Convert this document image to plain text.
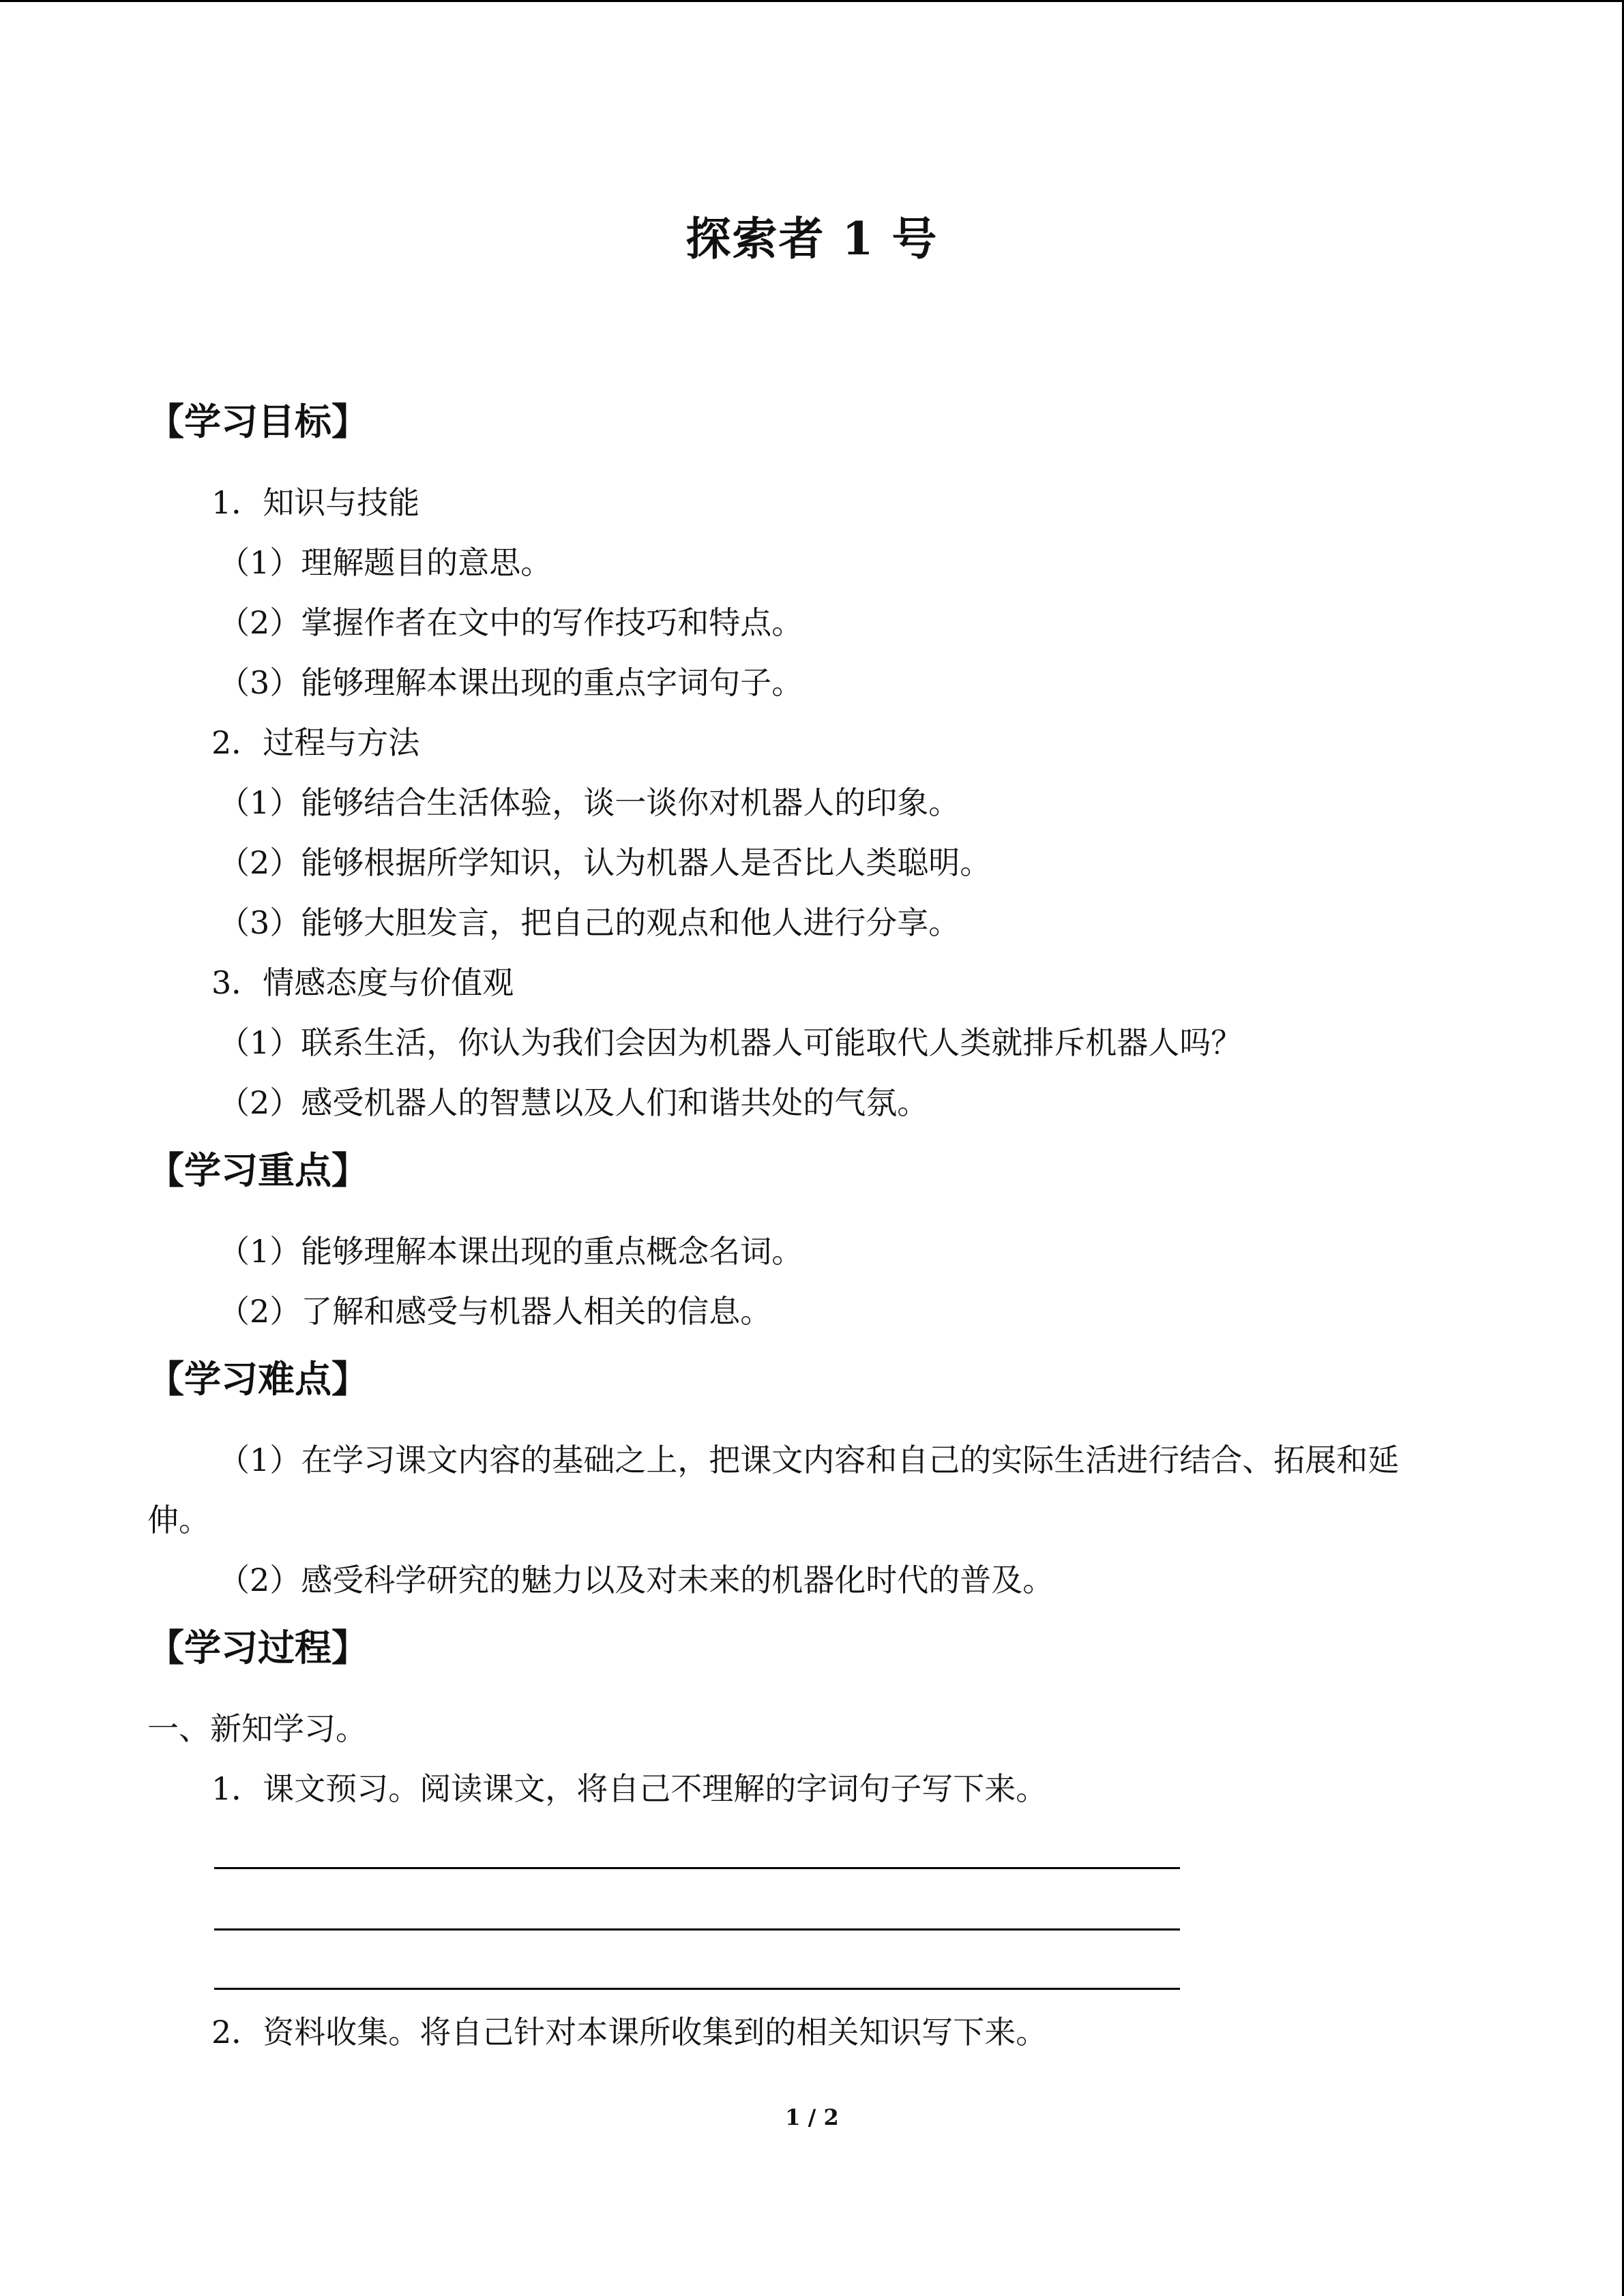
探索者 1 号
【学习目标】
1．知识与技能
（1）理解题目的意思。
（2）掌握作者在文中的写作技巧和特点。
（3）能够理解本课出现的重点字词句子。
2．过程与方法
（1）能够结合生活体验，谈一谈你对机器人的印象。
（2）能够根据所学知识，认为机器人是否比人类聪明。
（3）能够大胆发言，把自己的观点和他人进行分享。
3．情感态度与价值观
（1）联系生活，你认为我们会因为机器人可能取代人类就排斥机器人吗？
（2）感受机器人的智慧以及人们和谐共处的气氛。
【学习重点】
（1）能够理解本课出现的重点概念名词。
（2）了解和感受与机器人相关的信息。
【学习难点】
（1）在学习课文内容的基础之上，把课文内容和自己的实际生活进行结合、拓展和延
伸。
（2）感受科学研究的魅力以及对未来的机器化时代的普及。
【学习过程】
一、新知学习。
1．课文预习。阅读课文，将自己不理解的字词句子写下来。
2．资料收集。将自己针对本课所收集到的相关知识写下来。
1 / 2
